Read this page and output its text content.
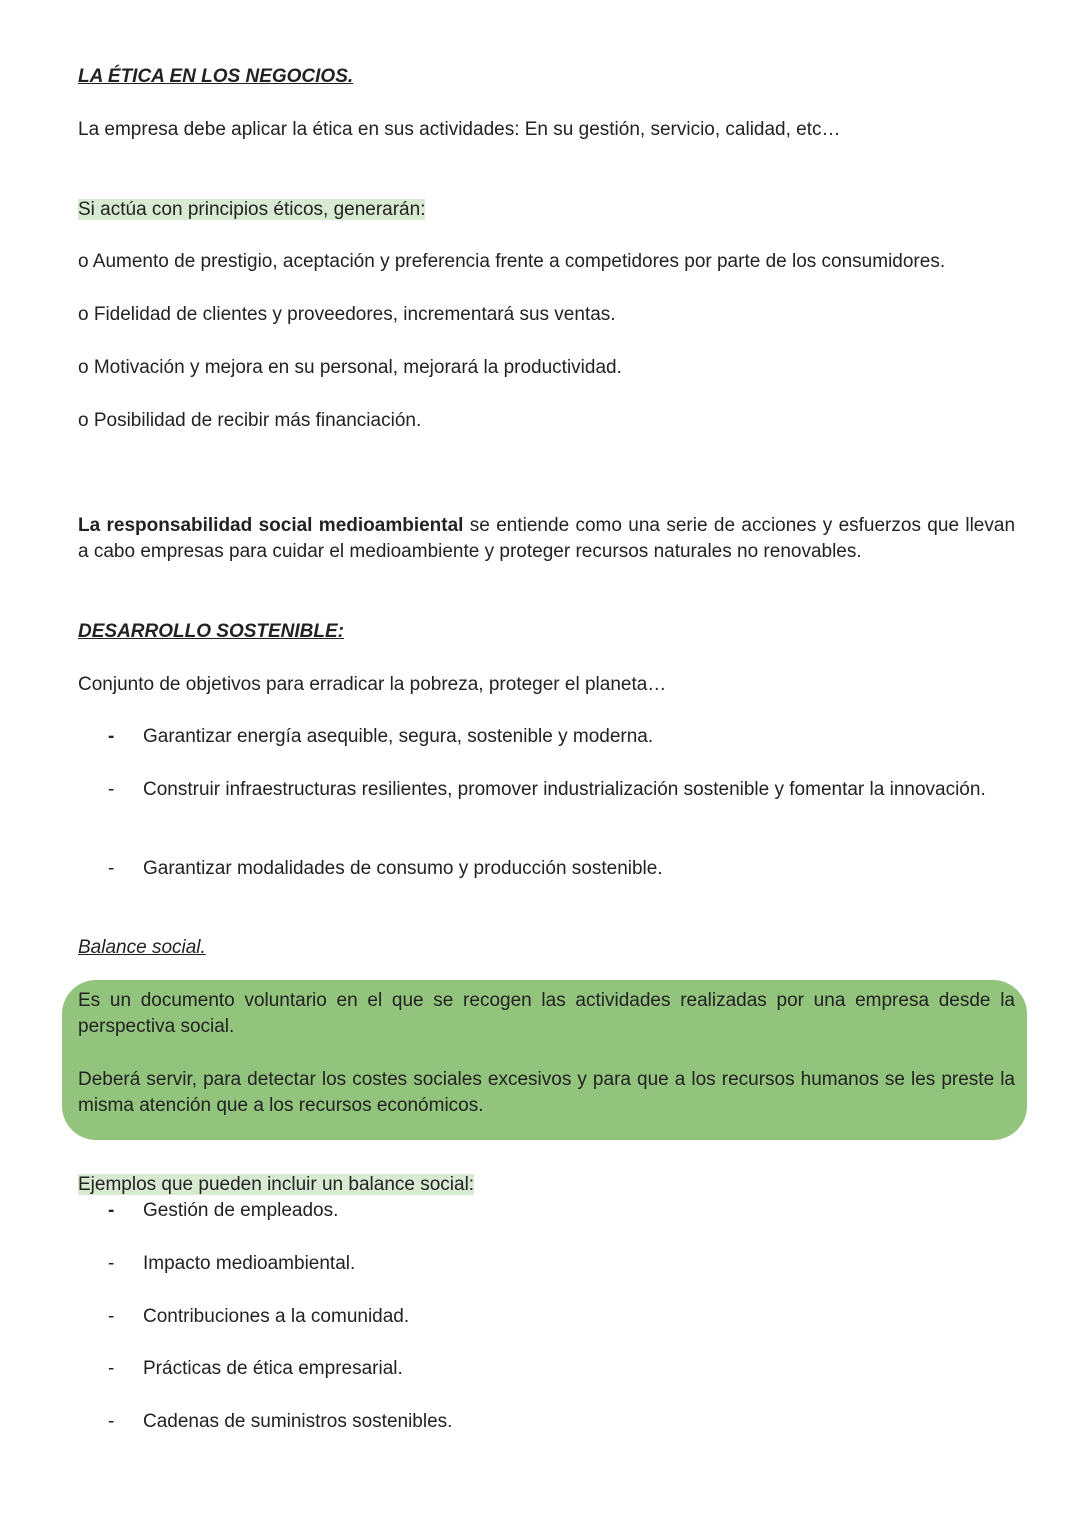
LA ÉTICA EN LOS NEGOCIOS.
La empresa debe aplicar la ética en sus actividades: En su gestión, servicio, calidad, etc…
Si actúa con principios éticos, generarán:
o Aumento de prestigio, aceptación y preferencia frente a competidores por parte de los consumidores.
o Fidelidad de clientes y proveedores, incrementará sus ventas.
o Motivación y mejora en su personal, mejorará la productividad.
o Posibilidad de recibir más financiación.
La responsabilidad social medioambiental se entiende como una serie de acciones y esfuerzos que llevan a cabo empresas para cuidar el medioambiente y proteger recursos naturales no renovables.
DESARROLLO SOSTENIBLE:
Conjunto de objetivos para erradicar la pobreza, proteger el planeta…
-	Garantizar energía asequible, segura, sostenible y moderna.
-	Construir infraestructuras resilientes, promover industrialización sostenible y fomentar la innovación.
-	Garantizar modalidades de consumo y producción sostenible.
Balance social.
Es un documento voluntario en el que se recogen las actividades realizadas por una empresa desde la perspectiva social.
Deberá servir, para detectar los costes sociales excesivos y para que a los recursos humanos se les preste la misma atención que a los recursos económicos.
Ejemplos que pueden incluir un balance social:
-	Gestión de empleados.
-	Impacto medioambiental.
-	Contribuciones a la comunidad.
-	Prácticas de ética empresarial.
-	Cadenas de suministros sostenibles.
